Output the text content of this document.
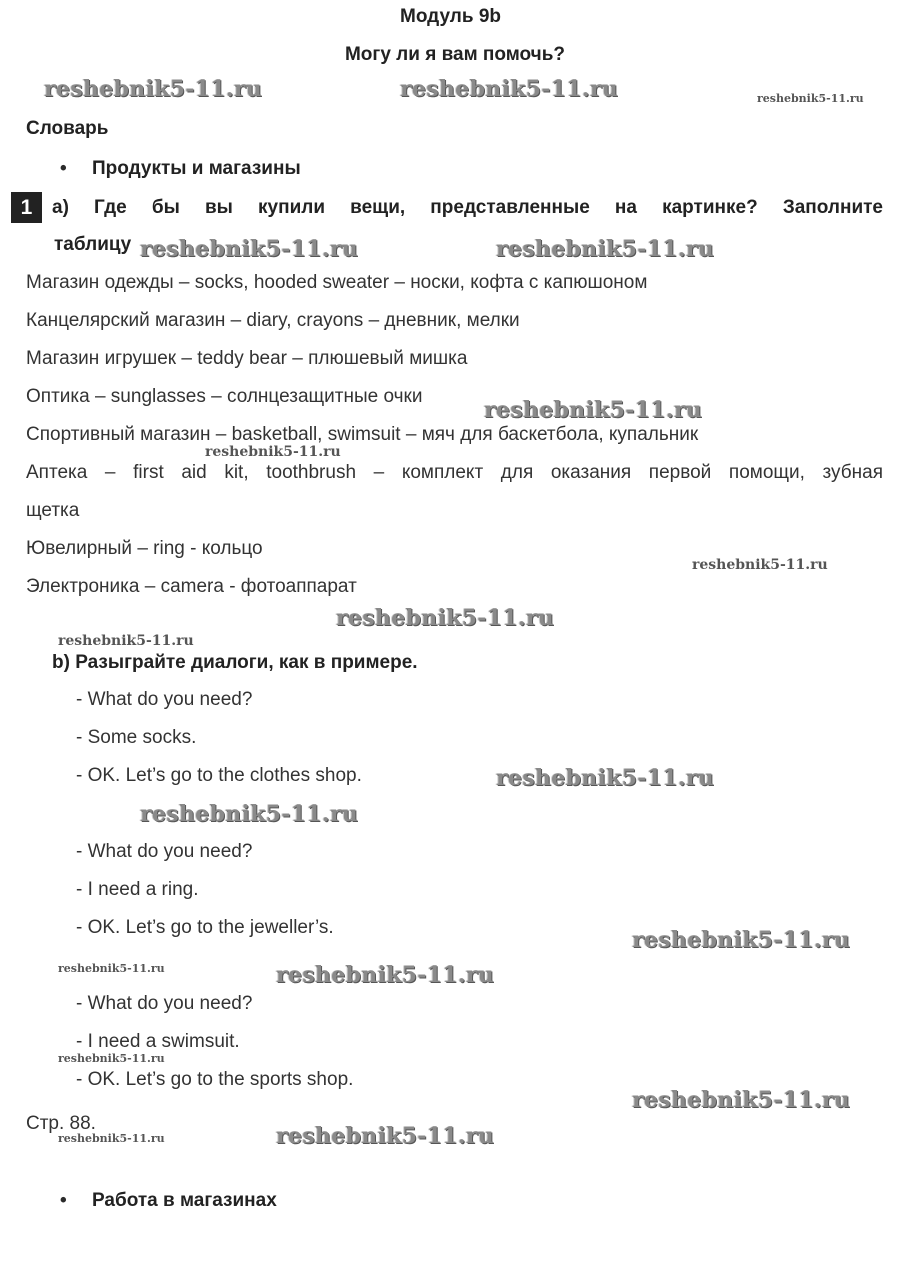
Модуль 9b
Могу ли я вам помочь?
Словарь
• Продукты и магазины
1	a) Где бы вы купили вещи, представленные на картинке? Заполните
таблицу
Магазин одежды – socks, hooded sweater – носки, кофта с капюшоном
Канцелярский магазин – diary, crayons – дневник, мелки
Магазин игрушек – teddy bear – плюшевый мишка
Оптика – sunglasses – солнцезащитные очки
Спортивный магазин – basketball, swimsuit – мяч для баскетбола, купальник
Аптека – first aid kit, toothbrush – комплект для оказания первой помощи, зубная
щетка
Ювелирный – ring - кольцо
Электроника – camera - фотоаппарат
b) Разыграйте диалоги, как в примере.
- What do you need?
- Some socks.
- OK. Let’s go to the clothes shop.
- What do you need?
- I need a ring.
- OK. Let’s go to the jeweller’s.
- What do you need?
- I need a swimsuit.
- OK. Let’s go to the sports shop.
Стр. 88.
• Работа в магазинах
reshebnik5-11.ru	reshebnik5-11.ru	reshebnik5-11.ru
reshebnik5-11.ru	reshebnik5-11.ru
reshebnik5-11.ru
reshebnik5-11.ru
reshebnik5-11.ru
reshebnik5-11.ru
reshebnik5-11.ru
reshebnik5-11.ru
reshebnik5-11.ru
reshebnik5-11.ru
reshebnik5-11.ru	reshebnik5-11.ru
reshebnik5-11.ru
reshebnik5-11.ru
reshebnik5-11.ru	reshebnik5-11.ru
